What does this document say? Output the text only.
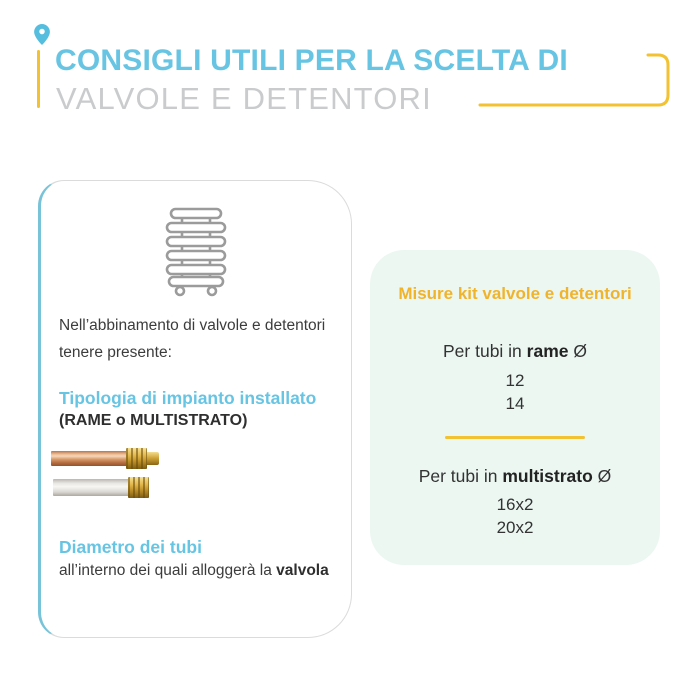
CONSIGLI UTILI PER LA SCELTA DI
VALVOLE E DETENTORI
Nell’abbinamento di valvole e detentori
tenere presente:
Tipologia di impianto installato
(RAME o MULTISTRATO)
Diametro dei tubi
all’interno dei quali alloggerà la valvola
Misure kit valvole e detentori
Per tubi in rame Ø
12
14
Per tubi in multistrato Ø
16x2
20x2
